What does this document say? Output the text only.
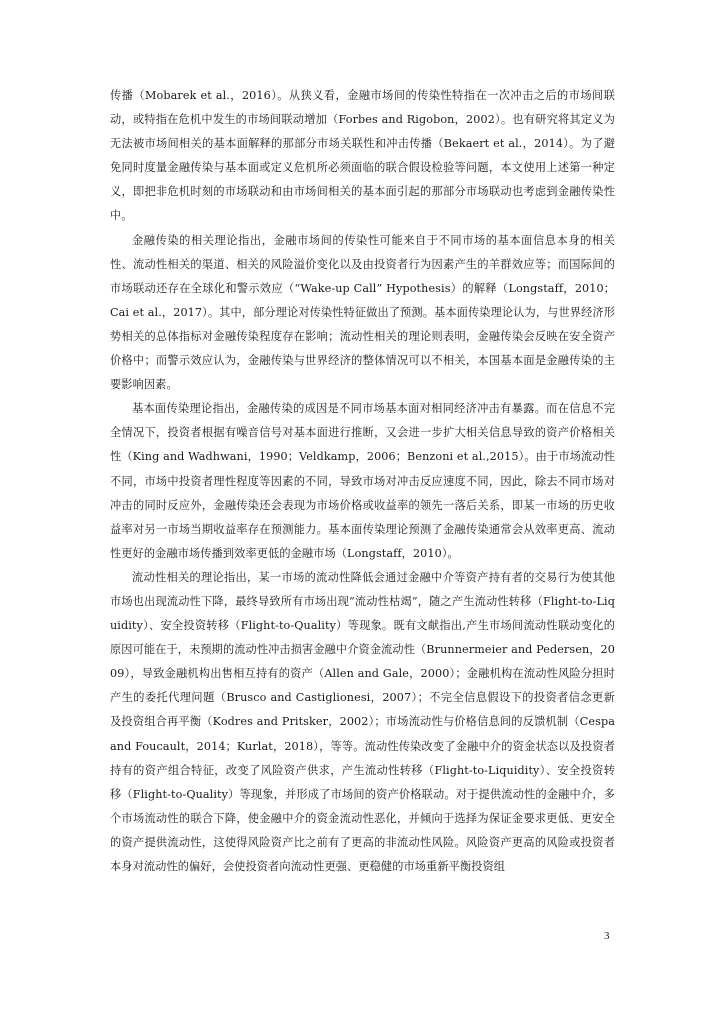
传播（Mobarek et al.，2016）。从狭义看，金融市场间的传染性特指在一次冲击之后的市场间联动，或特指在危机中发生的市场间联动增加（Forbes and Rigobon，2002）。也有研究将其定义为无法被市场间相关的基本面解释的那部分市场关联性和冲击传播（Bekaert et al.，2014）。为了避免同时度量金融传染与基本面或定义危机所必须面临的联合假设检验等问题，本文使用上述第一种定义，即把非危机时刻的市场联动和由市场间相关的基本面引起的那部分市场联动也考虑到金融传染性中。

金融传染的相关理论指出，金融市场间的传染性可能来自于不同市场的基本面信息本身的相关性、流动性相关的渠道、相关的风险溢价变化以及由投资者行为因素产生的羊群效应等；而国际间的市场联动还存在全球化和警示效应（“Wake-up Call” Hypothesis）的解释（Longstaff，2010；Cai et al.，2017）。其中，部分理论对传染性特征做出了预测。基本面传染理论认为，与世界经济形势相关的总体指标对金融传染程度存在影响；流动性相关的理论则表明，金融传染会反映在安全资产价格中；而警示效应认为，金融传染与世界经济的整体情况可以不相关，本国基本面是金融传染的主要影响因素。

基本面传染理论指出，金融传染的成因是不同市场基本面对相同经济冲击有暴露。而在信息不完全情况下，投资者根据有噪音信号对基本面进行推断，又会进一步扩大相关信息导致的资产价格相关性（King and Wadhwani，1990；Veldkamp，2006；Benzoni et al.,2015）。由于市场流动性不同，市场中投资者理性程度等因素的不同，导致市场对冲击反应速度不同，因此，除去不同市场对冲击的同时反应外，金融传染还会表现为市场价格或收益率的领先一落后关系，即某一市场的历史收益率对另一市场当期收益率存在预测能力。基本面传染理论预测了金融传染通常会从效率更高、流动性更好的金融市场传播到效率更低的金融市场（Longstaff，2010）。

流动性相关的理论指出，某一市场的流动性降低会通过金融中介等资产持有者的交易行为使其他市场也出现流动性下降，最终导致所有市场出现“流动性枯竭”，随之产生流动性转移（Flight-to-Liquidity）、安全投资转移（Flight-to-Quality）等现象。既有文献指出,产生市场间流动性联动变化的原因可能在于，未预期的流动性冲击损害金融中介资金流动性（Brunnermeier and Pedersen，2009），导致金融机构出售相互持有的资产（Allen and Gale，2000）；金融机构在流动性风险分担时产生的委托代理问题（Brusco and Castiglionesi，2007）；不完全信息假设下的投资者信念更新及投资组合再平衡（Kodres and Pritsker，2002）；市场流动性与价格信息间的反馈机制（Cespa and Foucault，2014；Kurlat，2018），等等。流动性传染改变了金融中介的资金状态以及投资者持有的资产组合特征，改变了风险资产供求，产生流动性转移（Flight-to-Liquidity）、安全投资转移（Flight-to-Quality）等现象，并形成了市场间的资产价格联动。对于提供流动性的金融中介，多个市场流动性的联合下降，使金融中介的资金流动性恶化，并倾向于选择为保证金要求更低、更安全的资产提供流动性，这使得风险资产比之前有了更高的非流动性风险。风险资产更高的风险或投资者本身对流动性的偏好，会使投资者向流动性更强、更稳健的市场重新平衡投资组

3
